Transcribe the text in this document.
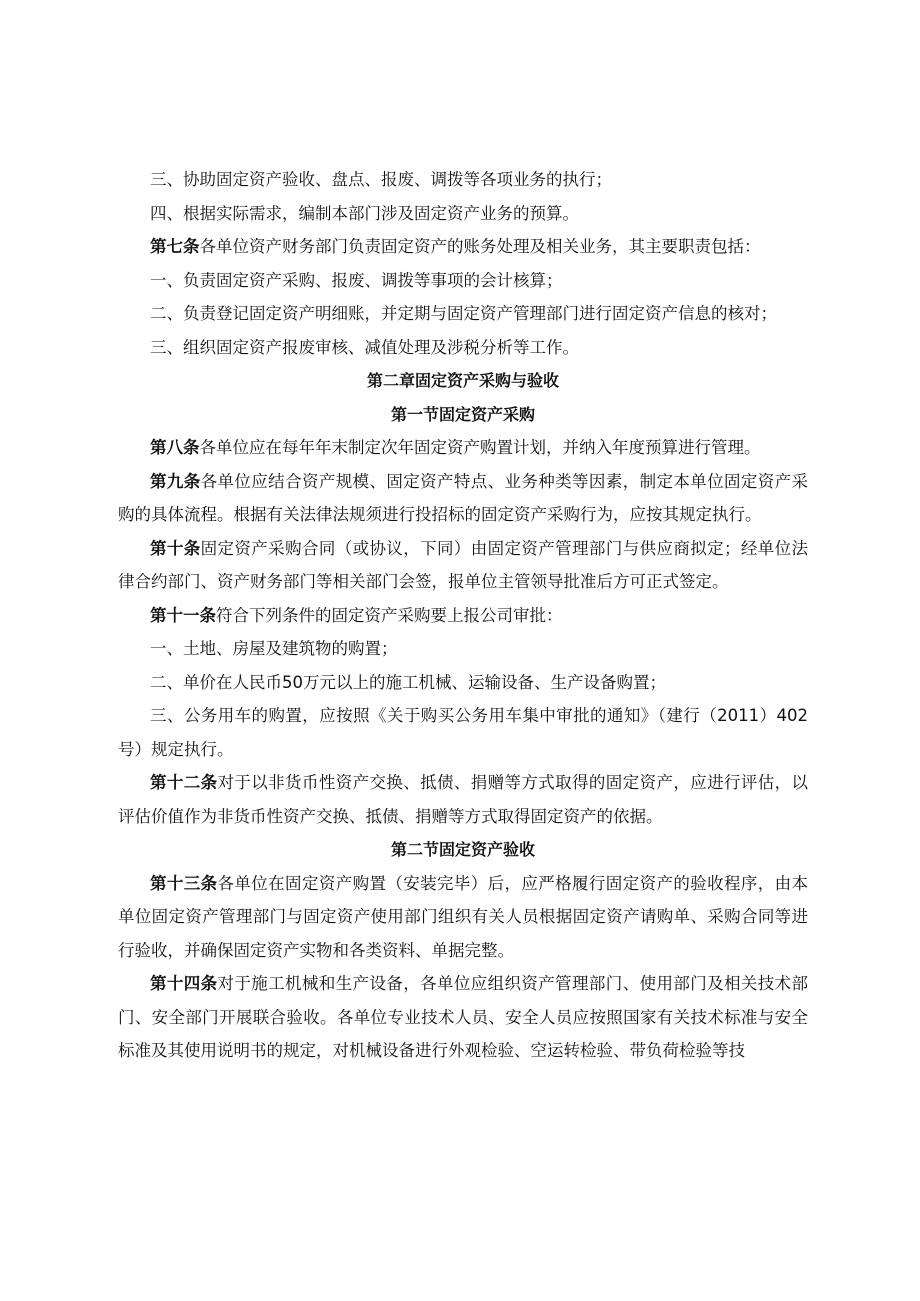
三、协助固定资产验收、盘点、报废、调拨等各项业务的执行；

四、根据实际需求，编制本部门涉及固定资产业务的预算。

第七条各单位资产财务部门负责固定资产的账务处理及相关业务，其主要职责包括：

一、负责固定资产采购、报废、调拨等事项的会计核算；

二、负责登记固定资产明细账，并定期与固定资产管理部门进行固定资产信息的核对；

三、组织固定资产报废审核、减值处理及涉税分析等工作。

第二章固定资产采购与验收

第一节固定资产采购

第八条各单位应在每年年末制定次年固定资产购置计划，并纳入年度预算进行管理。

第九条各单位应结合资产规模、固定资产特点、业务种类等因素，制定本单位固定资产采购的具体流程。根据有关法律法规须进行投招标的固定资产采购行为，应按其规定执行。

第十条固定资产采购合同（或协议，下同）由固定资产管理部门与供应商拟定；经单位法律合约部门、资产财务部门等相关部门会签，报单位主管领导批准后方可正式签定。

第十一条符合下列条件的固定资产采购要上报公司审批：

一、土地、房屋及建筑物的购置；

二、单价在人民币50万元以上的施工机械、运输设备、生产设备购置；

三、公务用车的购置，应按照《关于购买公务用车集中审批的通知》（建行（2011）402号）规定执行。

第十二条对于以非货币性资产交换、抵债、捐赠等方式取得的固定资产，应进行评估，以评估价值作为非货币性资产交换、抵债、捐赠等方式取得固定资产的依据。

第二节固定资产验收

第十三条各单位在固定资产购置（安装完毕）后，应严格履行固定资产的验收程序，由本单位固定资产管理部门与固定资产使用部门组织有关人员根据固定资产请购单、采购合同等进行验收，并确保固定资产实物和各类资料、单据完整。

第十四条对于施工机械和生产设备，各单位应组织资产管理部门、使用部门及相关技术部门、安全部门开展联合验收。各单位专业技术人员、安全人员应按照国家有关技术标准与安全标准及其使用说明书的规定，对机械设备进行外观检验、空运转检验、带负荷检验等技
